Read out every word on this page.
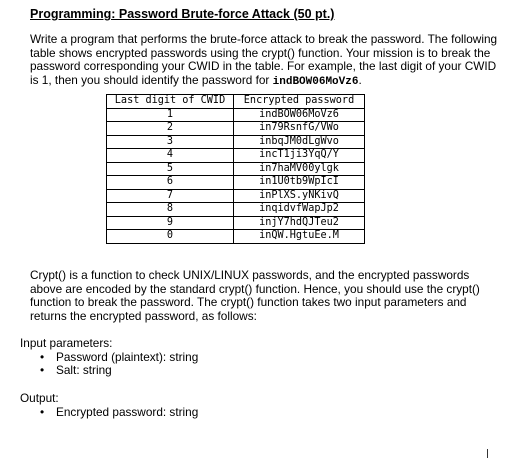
Programming: Password Brute-force Attack (50 pt.)

Write a program that performs the brute-force attack to break the password. The following table shows encrypted passwords using the crypt() function. Your mission is to break the password corresponding your CWID in the table. For example, the last digit of your CWID is 1, then you should identify the password for indBOW06MoVz6.

Last digit of CWID	Encrypted password
1	indBOW06MoVz6
2	in79RsnfG/VWo
3	inbqJM0dLgWvo
4	incT1ji3YqQ/Y
5	in7haMV00ylgk
6	in1U0tb9WpIcI
7	inPlXS.yNKivQ
8	inqidvfWapJp2
9	injY7hdQJTeu2
0	inQW.HgtuEe.M

Crypt() is a function to check UNIX/LINUX passwords, and the encrypted passwords above are encoded by the standard crypt() function. Hence, you should use the crypt() function to break the password. The crypt() function takes two input parameters and returns the encrypted password, as follows:

Input parameters:

• Password (plaintext): string
• Salt: string

Output:

• Encrypted password: string
